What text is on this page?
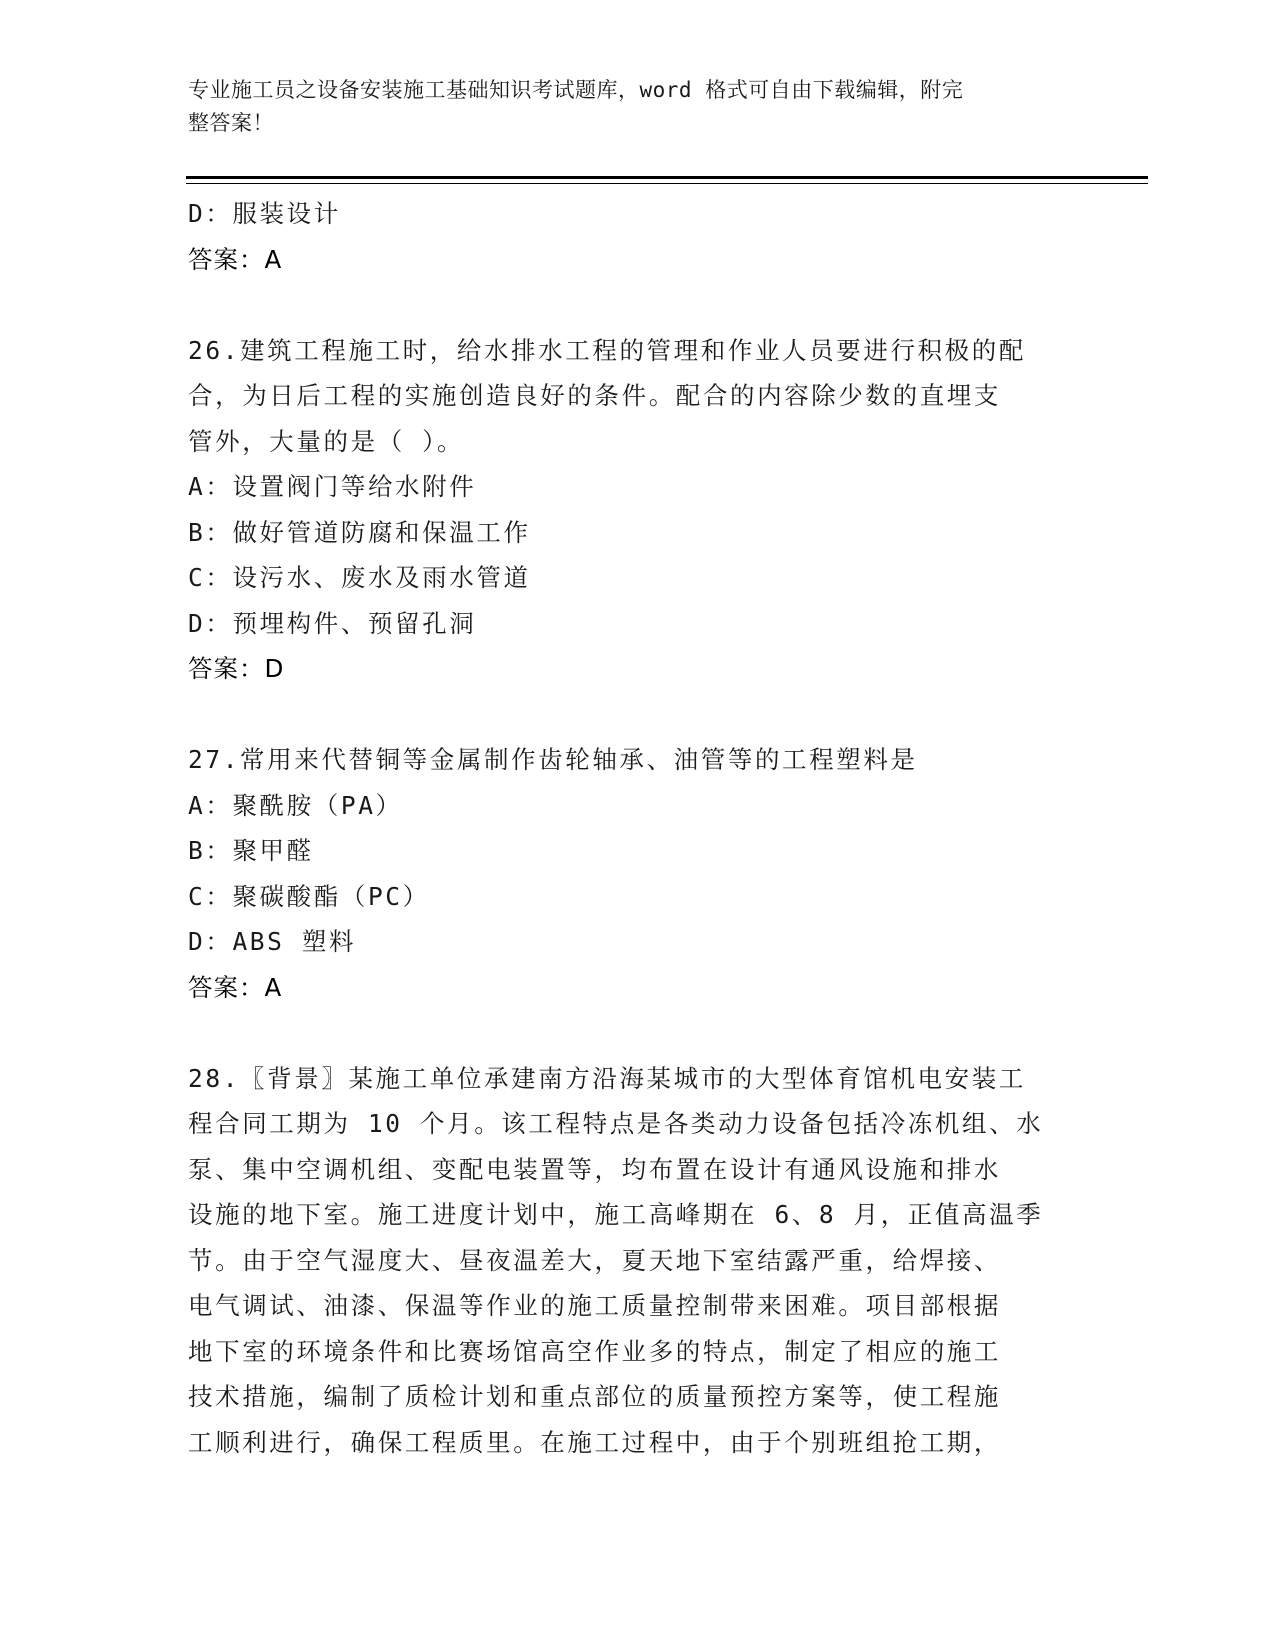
专业施工员之设备安装施工基础知识考试题库，word 格式可自由下载编辑，附完
整答案！
D：服装设计
答案：A
26.建筑工程施工时，给水排水工程的管理和作业人员要进行积极的配
合，为日后工程的实施创造良好的条件。配合的内容除少数的直埋支
管外，大量的是（ ）。
A：设置阀门等给水附件
B：做好管道防腐和保温工作
C：设污水、废水及雨水管道
D：预埋构件、预留孔洞
答案：D
27.常用来代替铜等金属制作齿轮轴承、油管等的工程塑料是
A：聚酰胺（PA）
B：聚甲醛
C：聚碳酸酯（PC）
D：ABS 塑料
答案：A
28.〖背景〗某施工单位承建南方沿海某城市的大型体育馆机电安装工
程合同工期为 10 个月。该工程特点是各类动力设备包括冷冻机组、水
泵、集中空调机组、变配电装置等，均布置在设计有通风设施和排水
设施的地下室。施工进度计划中，施工高峰期在 6、8 月，正值高温季
节。由于空气湿度大、昼夜温差大，夏天地下室结露严重，给焊接、
电气调试、油漆、保温等作业的施工质量控制带来困难。项目部根据
地下室的环境条件和比赛场馆高空作业多的特点，制定了相应的施工
技术措施，编制了质检计划和重点部位的质量预控方案等，使工程施
工顺利进行，确保工程质里。在施工过程中，由于个别班组抢工期，
